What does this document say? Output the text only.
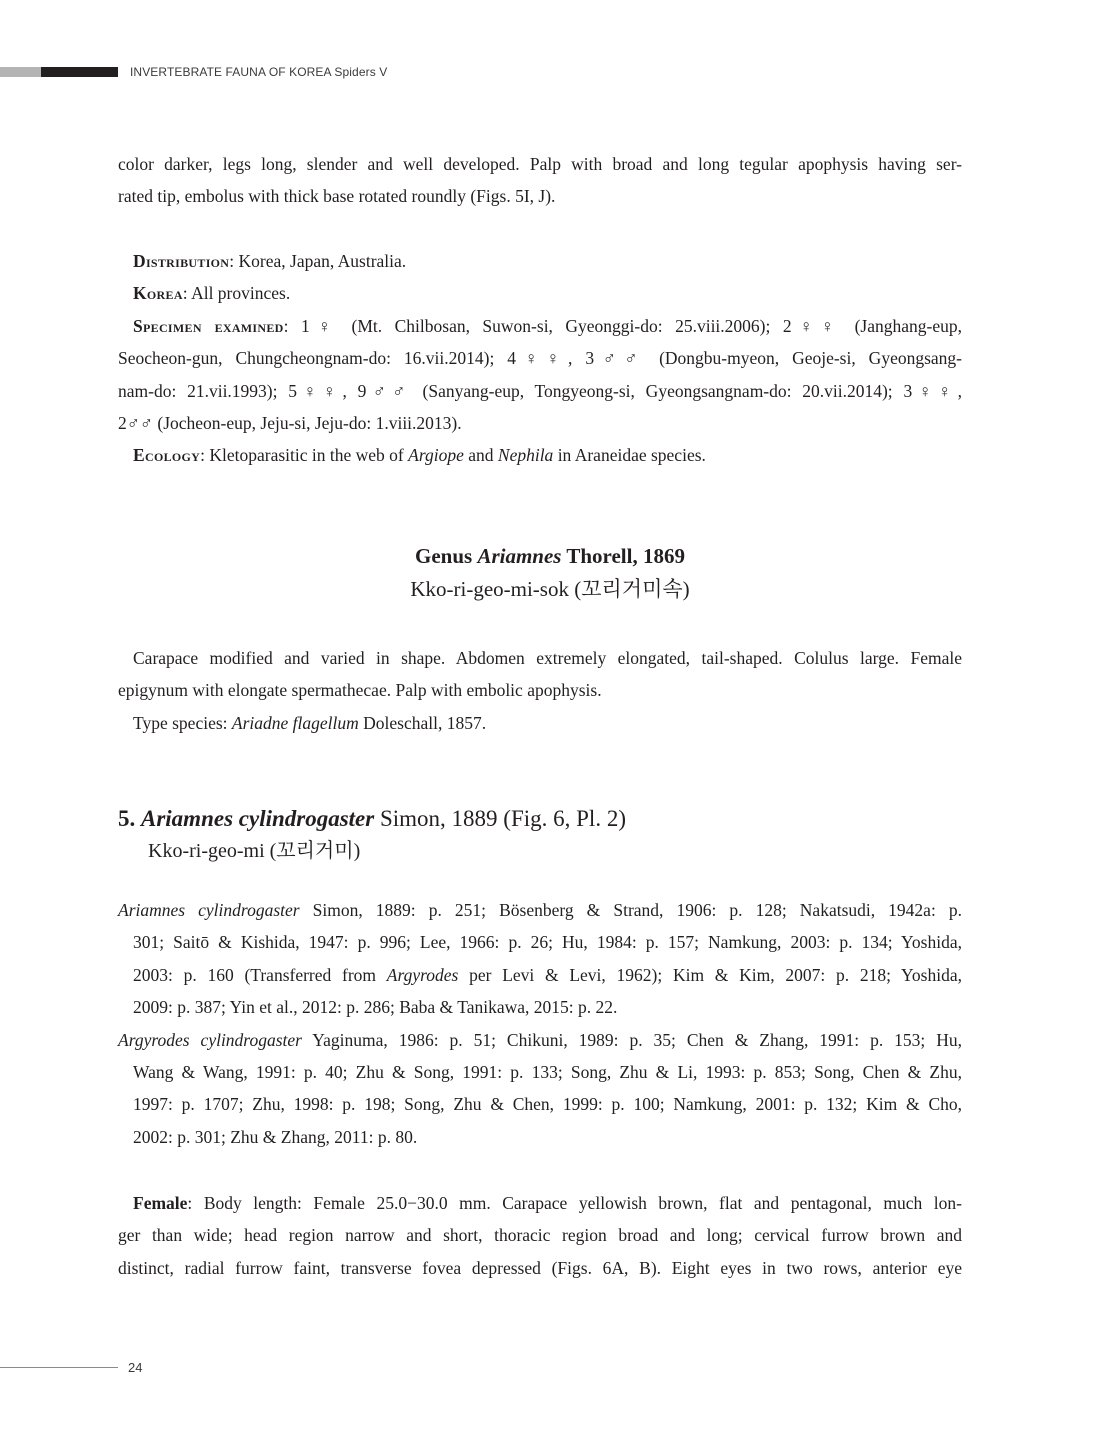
INVERTEBRATE FAUNA OF KOREA Spiders V
color darker, legs long, slender and well developed. Palp with broad and long tegular apophysis having ser-
rated tip, embolus with thick base rotated roundly (Figs. 5I, J).
Distribution: Korea, Japan, Australia.
Korea: All provinces.
Specimen examined: 1♀ (Mt. Chilbosan, Suwon-si, Gyeonggi-do: 25.viii.2006); 2♀♀ (Janghang-eup,
Seocheon-gun, Chungcheongnam-do: 16.vii.2014); 4♀♀, 3♂♂ (Dongbu-myeon, Geoje-si, Gyeongsang-
nam-do: 21.vii.1993); 5♀♀, 9♂♂ (Sanyang-eup, Tongyeong-si, Gyeongsangnam-do: 20.vii.2014); 3♀♀,
2♂♂ (Jocheon-eup, Jeju-si, Jeju-do: 1.viii.2013).
Ecology: Kletoparasitic in the web of Argiope and Nephila in Araneidae species.
Genus Ariamnes Thorell, 1869
Kko-ri-geo-mi-sok (꼬리거미속)
Carapace modified and varied in shape. Abdomen extremely elongated, tail-shaped. Colulus large. Female
epigynum with elongate spermathecae. Palp with embolic apophysis.
Type species: Ariadne flagellum Doleschall, 1857.
5. Ariamnes cylindrogaster Simon, 1889 (Fig. 6, Pl. 2)
Kko-ri-geo-mi (꼬리거미)
Ariamnes cylindrogaster Simon, 1889: p. 251; Bösenberg & Strand, 1906: p. 128; Nakatsudi, 1942a: p.
301; Saitō & Kishida, 1947: p. 996; Lee, 1966: p. 26; Hu, 1984: p. 157; Namkung, 2003: p. 134; Yoshida,
2003: p. 160 (Transferred from Argyrodes per Levi & Levi, 1962); Kim & Kim, 2007: p. 218; Yoshida,
2009: p. 387; Yin et al., 2012: p. 286; Baba & Tanikawa, 2015: p. 22.
Argyrodes cylindrogaster Yaginuma, 1986: p. 51; Chikuni, 1989: p. 35; Chen & Zhang, 1991: p. 153; Hu,
Wang & Wang, 1991: p. 40; Zhu & Song, 1991: p. 133; Song, Zhu & Li, 1993: p. 853; Song, Chen & Zhu,
1997: p. 1707; Zhu, 1998: p. 198; Song, Zhu & Chen, 1999: p. 100; Namkung, 2001: p. 132; Kim & Cho,
2002: p. 301; Zhu & Zhang, 2011: p. 80.
Female: Body length: Female 25.0−30.0 mm. Carapace yellowish brown, flat and pentagonal, much lon-
ger than wide; head region narrow and short, thoracic region broad and long; cervical furrow brown and
distinct, radial furrow faint, transverse fovea depressed (Figs. 6A, B). Eight eyes in two rows, anterior eye
24
